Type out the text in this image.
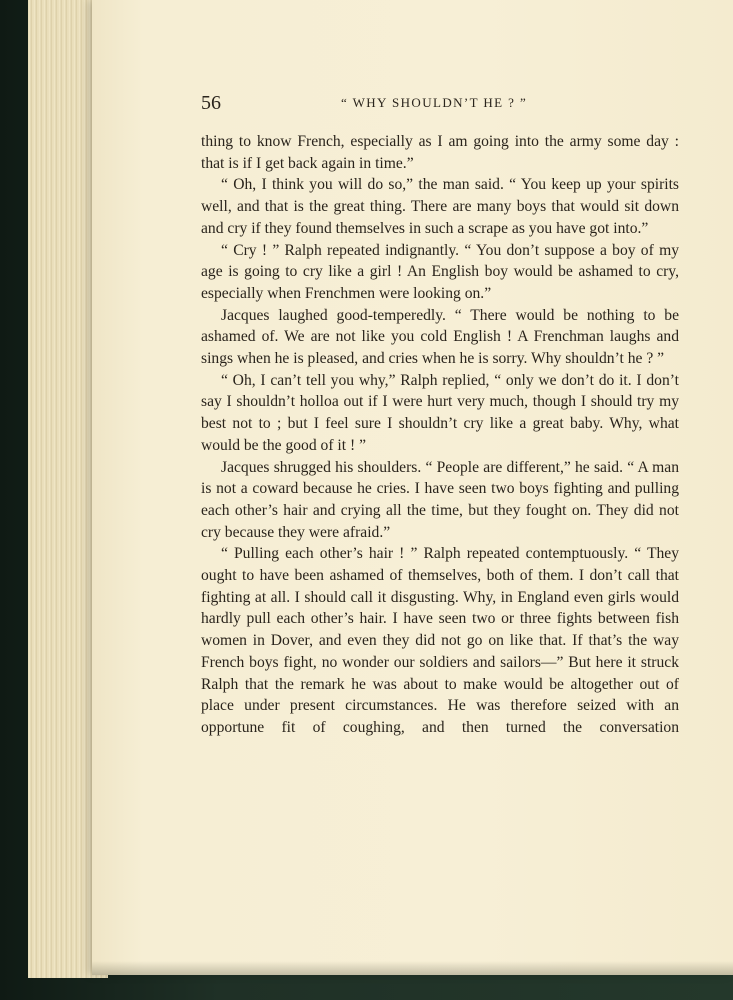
56	“ WHY SHOULDN’T HE ? ”

thing to know French, especially as I am going into the army some day : that is if I get back again in time.”

“ Oh, I think you will do so,” the man said. “ You keep up your spirits well, and that is the great thing. There are many boys that would sit down and cry if they found themselves in such a scrape as you have got into.”

“ Cry ! ” Ralph repeated indignantly. “ You don’t suppose a boy of my age is going to cry like a girl ! An English boy would be ashamed to cry, especially when Frenchmen were looking on.”

Jacques laughed good-temperedly. “ There would be nothing to be ashamed of. We are not like you cold English ! A Frenchman laughs and sings when he is pleased, and cries when he is sorry. Why shouldn’t he ? ”

“ Oh, I can’t tell you why,” Ralph replied, “ only we don’t do it. I don’t say I shouldn’t holloa out if I were hurt very much, though I should try my best not to ; but I feel sure I shouldn’t cry like a great baby. Why, what would be the good of it ! ”

Jacques shrugged his shoulders. “ People are different,” he said. “ A man is not a coward because he cries. I have seen two boys fighting and pulling each other’s hair and crying all the time, but they fought on. They did not cry because they were afraid.”

“ Pulling each other’s hair ! ” Ralph repeated contemptuously. “ They ought to have been ashamed of themselves, both of them. I don’t call that fighting at all. I should call it disgusting. Why, in England even girls would hardly pull each other’s hair. I have seen two or three fights between fish women in Dover, and even they did not go on like that. If that’s the way French boys fight, no wonder our soldiers and sailors—” But here it struck Ralph that the remark he was about to make would be altogether out of place under present circumstances. He was therefore seized with an opportune fit of coughing, and then turned the conversation
